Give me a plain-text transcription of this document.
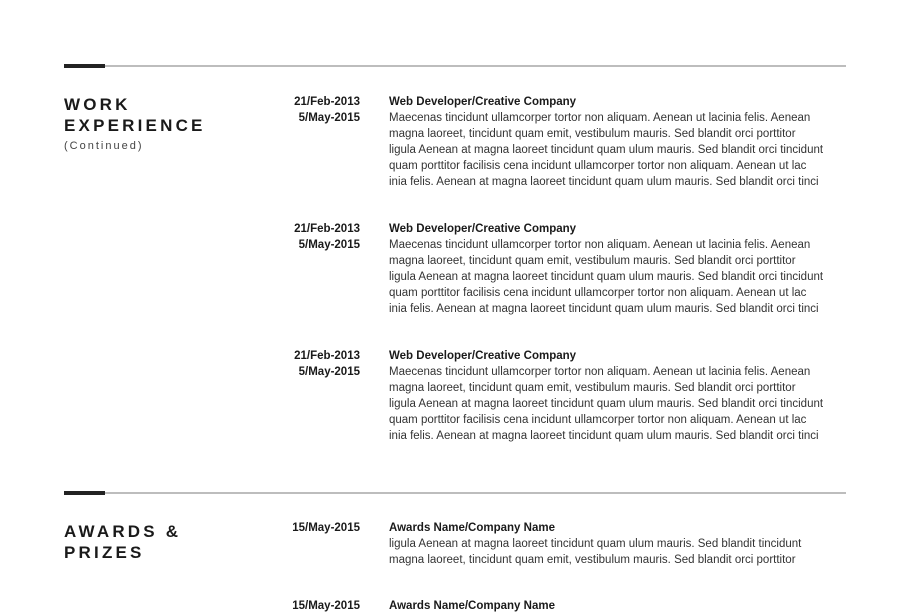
WORK
EXPERIENCE
(Continued)
21/Feb-2013
5/May-2015
Web Developer/Creative Company
Maecenas tincidunt ullamcorper tortor non aliquam. Aenean ut lacinia felis. Aenean
magna laoreet, tincidunt quam emit, vestibulum mauris. Sed blandit orci porttitor
ligula Aenean at magna laoreet tincidunt quam ulum mauris. Sed blandit orci tincidunt
quam porttitor facilisis cena incidunt ullamcorper tortor non aliquam. Aenean ut lac
inia felis. Aenean at magna laoreet tincidunt quam ulum mauris. Sed blandit orci tinci
21/Feb-2013
5/May-2015
Web Developer/Creative Company
Maecenas tincidunt ullamcorper tortor non aliquam. Aenean ut lacinia felis. Aenean
magna laoreet, tincidunt quam emit, vestibulum mauris. Sed blandit orci porttitor
ligula Aenean at magna laoreet tincidunt quam ulum mauris. Sed blandit orci tincidunt
quam porttitor facilisis cena incidunt ullamcorper tortor non aliquam. Aenean ut lac
inia felis. Aenean at magna laoreet tincidunt quam ulum mauris. Sed blandit orci tinci
21/Feb-2013
5/May-2015
Web Developer/Creative Company
Maecenas tincidunt ullamcorper tortor non aliquam. Aenean ut lacinia felis. Aenean
magna laoreet, tincidunt quam emit, vestibulum mauris. Sed blandit orci porttitor
ligula Aenean at magna laoreet tincidunt quam ulum mauris. Sed blandit orci tincidunt
quam porttitor facilisis cena incidunt ullamcorper tortor non aliquam. Aenean ut lac
inia felis. Aenean at magna laoreet tincidunt quam ulum mauris. Sed blandit orci tinci
AWARDS &
PRIZES
15/May-2015	Awards Name/Company Name
ligula Aenean at magna laoreet tincidunt quam ulum mauris. Sed blandit tincidunt
magna laoreet, tincidunt quam emit, vestibulum mauris. Sed blandit orci porttitor
15/May-2015	Awards Name/Company Name
